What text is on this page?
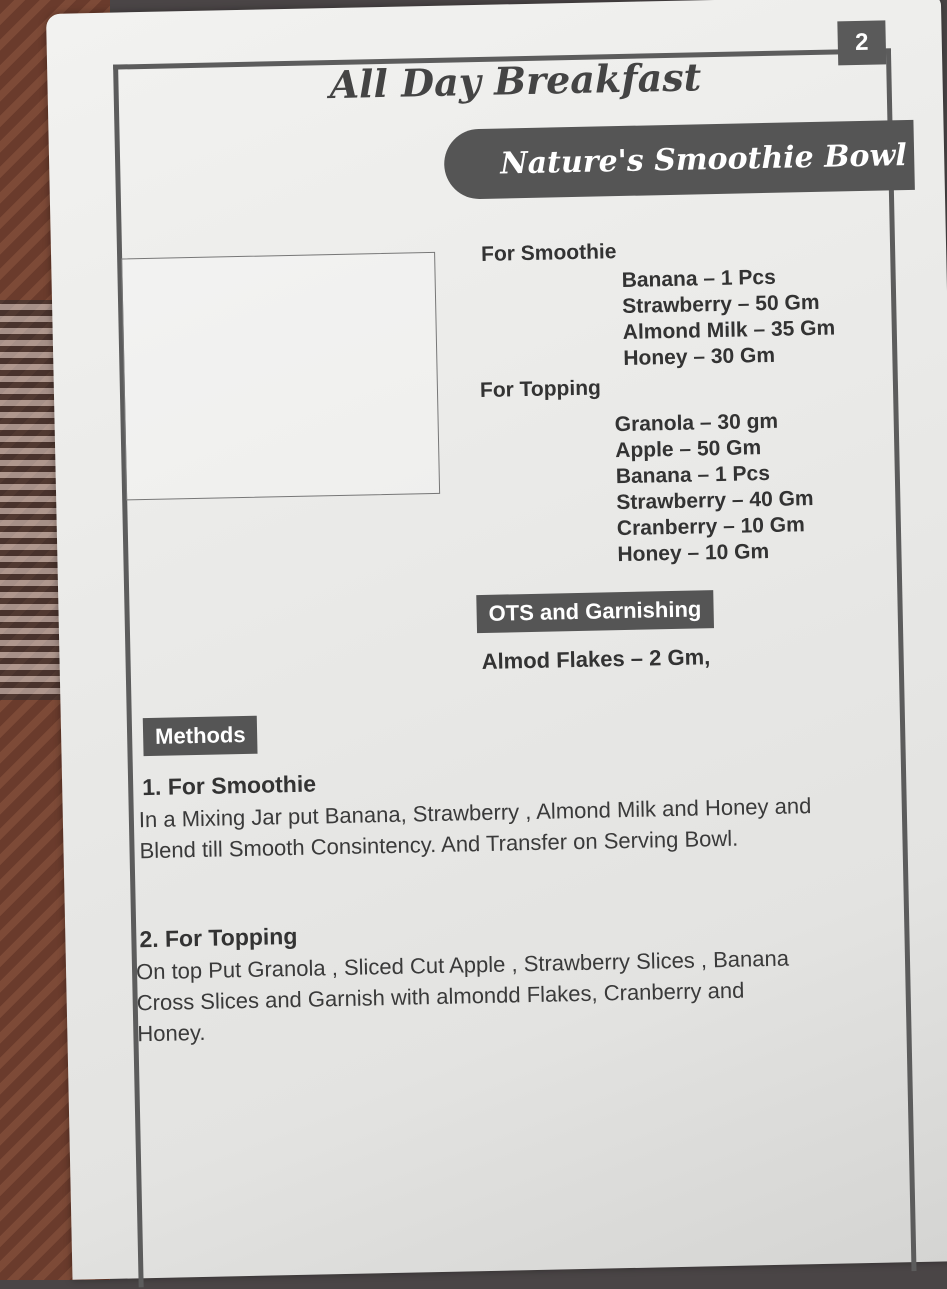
2
All Day Breakfast
Nature's Smoothie Bowl
For Smoothie
Banana – 1 Pcs
Strawberry – 50 Gm
Almond Milk – 35 Gm
Honey – 30 Gm
For Topping
Granola – 30 gm
Apple – 50 Gm
Banana – 1 Pcs
Strawberry – 40 Gm
Cranberry – 10 Gm
Honey – 10 Gm
OTS and Garnishing
Almod Flakes – 2 Gm,
Methods
1. For Smoothie
In a Mixing Jar put Banana, Strawberry , Almond Milk and Honey and Blend till Smooth Consintency. And Transfer on Serving Bowl.
2. For Topping
On top Put Granola , Sliced Cut Apple , Strawberry Slices , Banana Cross Slices and Garnish with almondd Flakes, Cranberry and Honey.
